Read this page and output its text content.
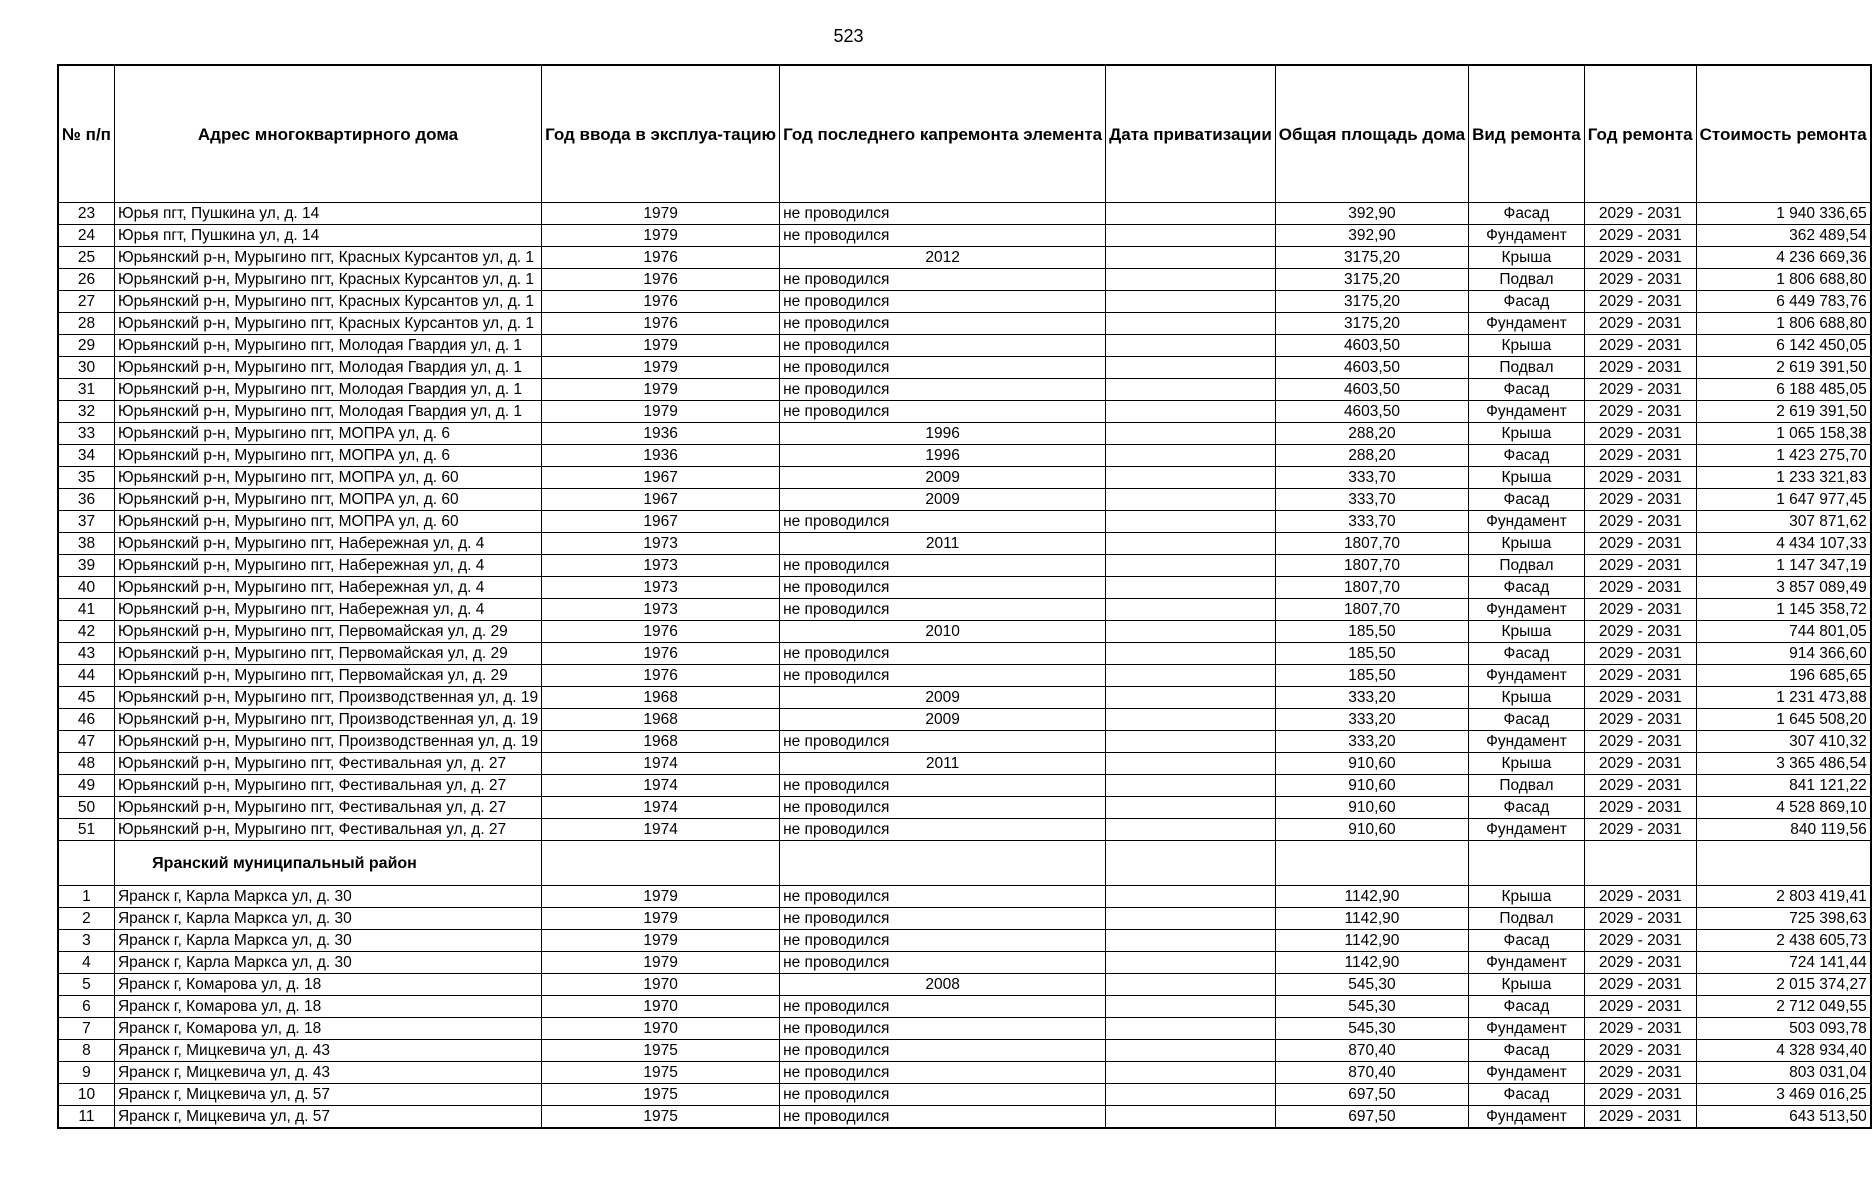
523
№ п/п	Адрес многоквартирного дома	Год ввода в эксплуа-тацию	Год последнего капремонта элемента	Дата приватизации	Общая площадь дома	Вид ремонта	Год ремонта	Стоимость ремонта
23	Юрья пгт, Пушкина ул, д. 14	1979	не проводился		392,90	Фасад	2029 - 2031	1 940 336,65
24	Юрья пгт, Пушкина ул, д. 14	1979	не проводился		392,90	Фундамент	2029 - 2031	362 489,54
25	Юрьянский р-н, Мурыгино пгт, Красных Курсантов ул, д. 1	1976	2012		3175,20	Крыша	2029 - 2031	4 236 669,36
26	Юрьянский р-н, Мурыгино пгт, Красных Курсантов ул, д. 1	1976	не проводился		3175,20	Подвал	2029 - 2031	1 806 688,80
27	Юрьянский р-н, Мурыгино пгт, Красных Курсантов ул, д. 1	1976	не проводился		3175,20	Фасад	2029 - 2031	6 449 783,76
28	Юрьянский р-н, Мурыгино пгт, Красных Курсантов ул, д. 1	1976	не проводился		3175,20	Фундамент	2029 - 2031	1 806 688,80
29	Юрьянский р-н, Мурыгино пгт, Молодая Гвардия ул, д. 1	1979	не проводился		4603,50	Крыша	2029 - 2031	6 142 450,05
30	Юрьянский р-н, Мурыгино пгт, Молодая Гвардия ул, д. 1	1979	не проводился		4603,50	Подвал	2029 - 2031	2 619 391,50
31	Юрьянский р-н, Мурыгино пгт, Молодая Гвардия ул, д. 1	1979	не проводился		4603,50	Фасад	2029 - 2031	6 188 485,05
32	Юрьянский р-н, Мурыгино пгт, Молодая Гвардия ул, д. 1	1979	не проводился		4603,50	Фундамент	2029 - 2031	2 619 391,50
33	Юрьянский р-н, Мурыгино пгт, МОПРА ул, д. 6	1936	1996		288,20	Крыша	2029 - 2031	1 065 158,38
34	Юрьянский р-н, Мурыгино пгт, МОПРА ул, д. 6	1936	1996		288,20	Фасад	2029 - 2031	1 423 275,70
35	Юрьянский р-н, Мурыгино пгт, МОПРА ул, д. 60	1967	2009		333,70	Крыша	2029 - 2031	1 233 321,83
36	Юрьянский р-н, Мурыгино пгт, МОПРА ул, д. 60	1967	2009		333,70	Фасад	2029 - 2031	1 647 977,45
37	Юрьянский р-н, Мурыгино пгт, МОПРА ул, д. 60	1967	не проводился		333,70	Фундамент	2029 - 2031	307 871,62
38	Юрьянский р-н, Мурыгино пгт, Набережная ул, д. 4	1973	2011		1807,70	Крыша	2029 - 2031	4 434 107,33
39	Юрьянский р-н, Мурыгино пгт, Набережная ул, д. 4	1973	не проводился		1807,70	Подвал	2029 - 2031	1 147 347,19
40	Юрьянский р-н, Мурыгино пгт, Набережная ул, д. 4	1973	не проводился		1807,70	Фасад	2029 - 2031	3 857 089,49
41	Юрьянский р-н, Мурыгино пгт, Набережная ул, д. 4	1973	не проводился		1807,70	Фундамент	2029 - 2031	1 145 358,72
42	Юрьянский р-н, Мурыгино пгт, Первомайская ул, д. 29	1976	2010		185,50	Крыша	2029 - 2031	744 801,05
43	Юрьянский р-н, Мурыгино пгт, Первомайская ул, д. 29	1976	не проводился		185,50	Фасад	2029 - 2031	914 366,60
44	Юрьянский р-н, Мурыгино пгт, Первомайская ул, д. 29	1976	не проводился		185,50	Фундамент	2029 - 2031	196 685,65
45	Юрьянский р-н, Мурыгино пгт, Производственная ул, д. 19	1968	2009		333,20	Крыша	2029 - 2031	1 231 473,88
46	Юрьянский р-н, Мурыгино пгт, Производственная ул, д. 19	1968	2009		333,20	Фасад	2029 - 2031	1 645 508,20
47	Юрьянский р-н, Мурыгино пгт, Производственная ул, д. 19	1968	не проводился		333,20	Фундамент	2029 - 2031	307 410,32
48	Юрьянский р-н, Мурыгино пгт, Фестивальная ул, д. 27	1974	2011		910,60	Крыша	2029 - 2031	3 365 486,54
49	Юрьянский р-н, Мурыгино пгт, Фестивальная ул, д. 27	1974	не проводился		910,60	Подвал	2029 - 2031	841 121,22
50	Юрьянский р-н, Мурыгино пгт, Фестивальная ул, д. 27	1974	не проводился		910,60	Фасад	2029 - 2031	4 528 869,10
51	Юрьянский р-н, Мурыгино пгт, Фестивальная ул, д. 27	1974	не проводился		910,60	Фундамент	2029 - 2031	840 119,56
	Яранский муниципальный район							
1	Яранск г, Карла Маркса ул, д. 30	1979	не проводился		1142,90	Крыша	2029 - 2031	2 803 419,41
2	Яранск г, Карла Маркса ул, д. 30	1979	не проводился		1142,90	Подвал	2029 - 2031	725 398,63
3	Яранск г, Карла Маркса ул, д. 30	1979	не проводился		1142,90	Фасад	2029 - 2031	2 438 605,73
4	Яранск г, Карла Маркса ул, д. 30	1979	не проводился		1142,90	Фундамент	2029 - 2031	724 141,44
5	Яранск г, Комарова ул, д. 18	1970	2008		545,30	Крыша	2029 - 2031	2 015 374,27
6	Яранск г, Комарова ул, д. 18	1970	не проводился		545,30	Фасад	2029 - 2031	2 712 049,55
7	Яранск г, Комарова ул, д. 18	1970	не проводился		545,30	Фундамент	2029 - 2031	503 093,78
8	Яранск г, Мицкевича ул, д. 43	1975	не проводился		870,40	Фасад	2029 - 2031	4 328 934,40
9	Яранск г, Мицкевича ул, д. 43	1975	не проводился		870,40	Фундамент	2029 - 2031	803 031,04
10	Яранск г, Мицкевича ул, д. 57	1975	не проводился		697,50	Фасад	2029 - 2031	3 469 016,25
11	Яранск г, Мицкевича ул, д. 57	1975	не проводился		697,50	Фундамент	2029 - 2031	643 513,50
